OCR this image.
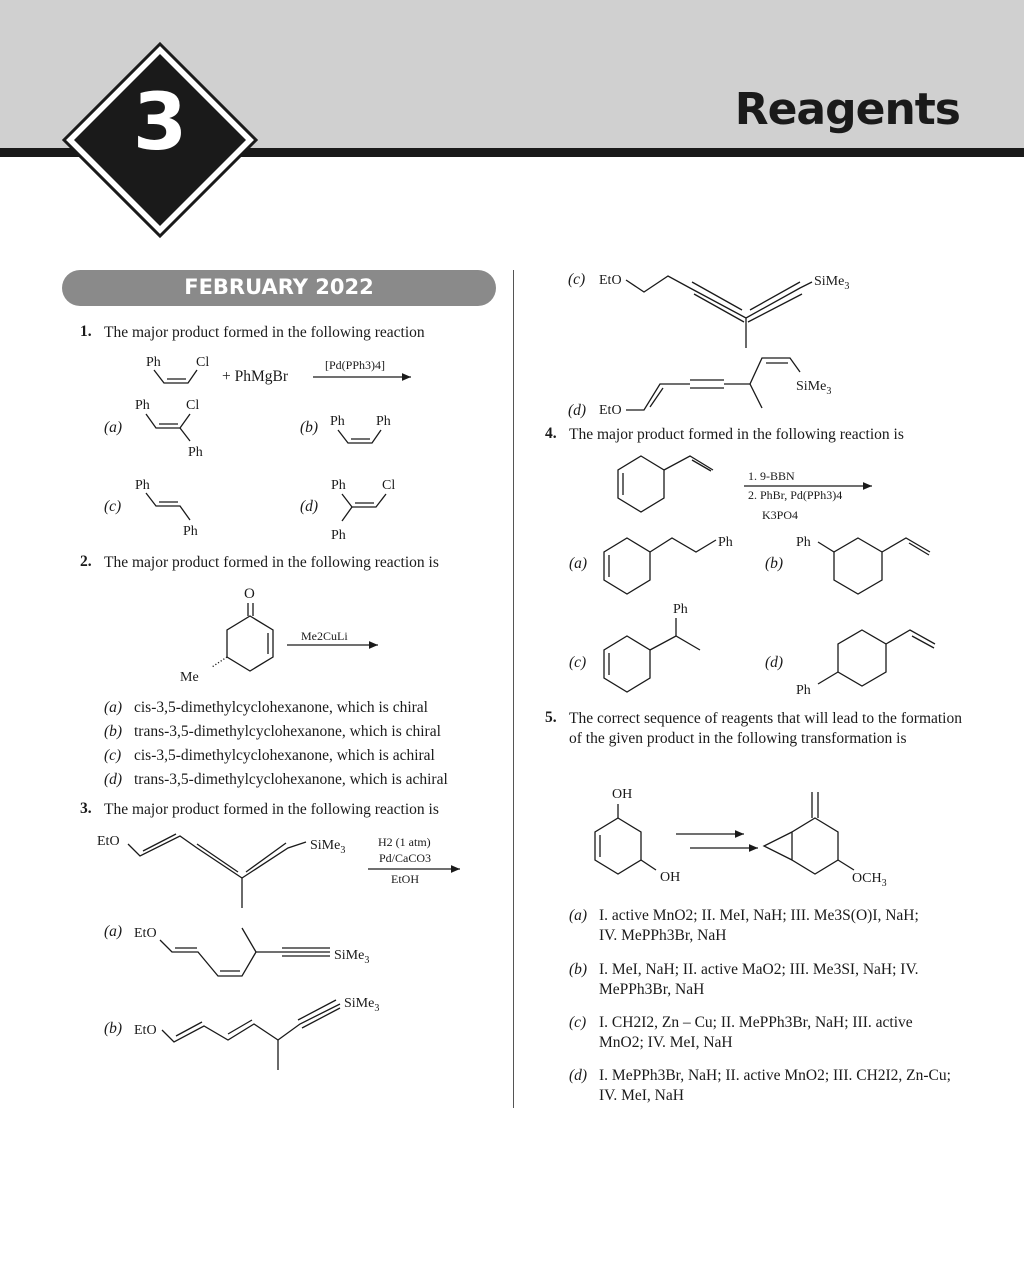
3	Reagents
FEBRUARY 2022
1. The major product formed in the following reaction
+ PhMgBr
[Pd(PPh3)4]
(a)	(b)
(c)	(d)
2. The major product formed in the following reaction is
Me2CuLi
(a) cis-3,5-dimethylcyclohexanone, which is chiral
(b) trans-3,5-dimethylcyclohexanone, which is chiral
(c) cis-3,5-dimethylcyclohexanone, which is achiral
(d) trans-3,5-dimethylcyclohexanone, which is achiral
3. The major product formed in the following reaction is
H2 (1 atm)
Pd/CaCO3
EtOH
(a)
(b)
(c)
(d)
4. The major product formed in the following reaction is
1. 9-BBN
2. PhBr, Pd(PPh3)4
K3PO4
(a)	(b)
(c)	(d)
5. The correct sequence of reagents that will lead to the formation of the given product in the following transformation is
(a) I. active MnO2; II. MeI, NaH; III. Me3S(O)I, NaH;
IV. MePPh3Br, NaH
(b) I. MeI, NaH; II. active MaO2; III. Me3SI, NaH; IV.
MePPh3Br, NaH
(c) I. CH2I2, Zn – Cu; II. MePPh3Br, NaH; III. active
MnO2; IV. MeI, NaH
(d) I. MePPh3Br, NaH; II. active MnO2; III. CH2I2, Zn-Cu;
IV. MeI, NaH
Ph	Cl
Ph	Cl
Ph
Ph Ph
Ph
Ph
Ph	Cl
Ph
O
Me
EtO	SiMe$_3$
EtO
SiMe$_3$
EtO
SiMe$_3$
EtO	SiMe$_3$
EtO
SiMe$_3$
Ph	Ph
Ph
Ph
OH
OH	$OCH_3$
